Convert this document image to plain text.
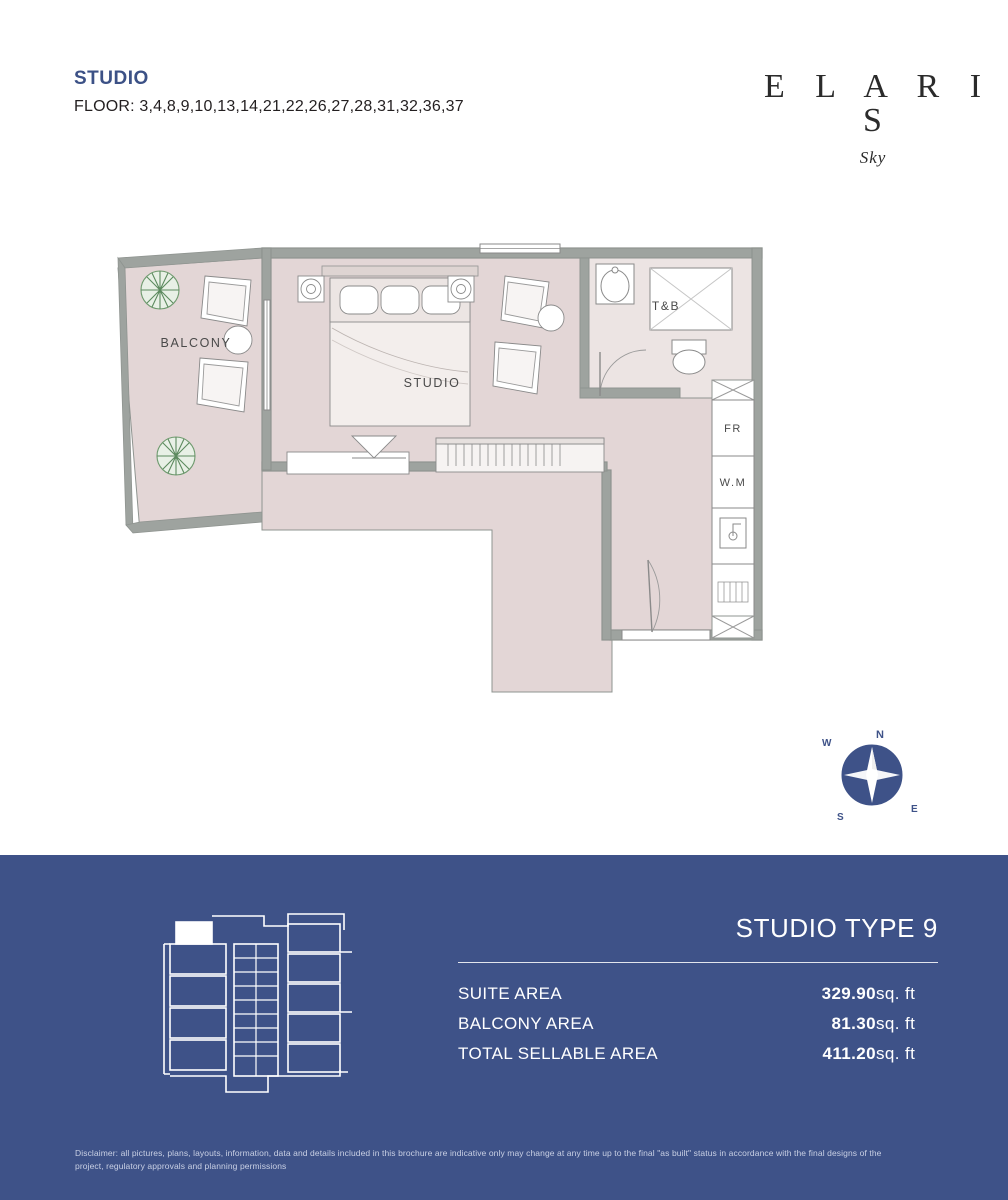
STUDIO
FLOOR: 3,4,8,9,10,13,14,21,22,26,27,28,31,32,36,37
E L A R I S
Sky
T&B
FR
W.M
BALCONY
STUDIO
N
S
E
W
STUDIO TYPE 9
SUITE AREA	329.90	sq. ft
BALCONY AREA	81.30	sq. ft
TOTAL SELLABLE AREA	411.20	sq. ft
Disclaimer: all pictures, plans, layouts, information, data and details included in this brochure are indicative only may change at any time up to the final "as built" status in accordance with the final designs of the project, regulatory approvals and planning permissions
